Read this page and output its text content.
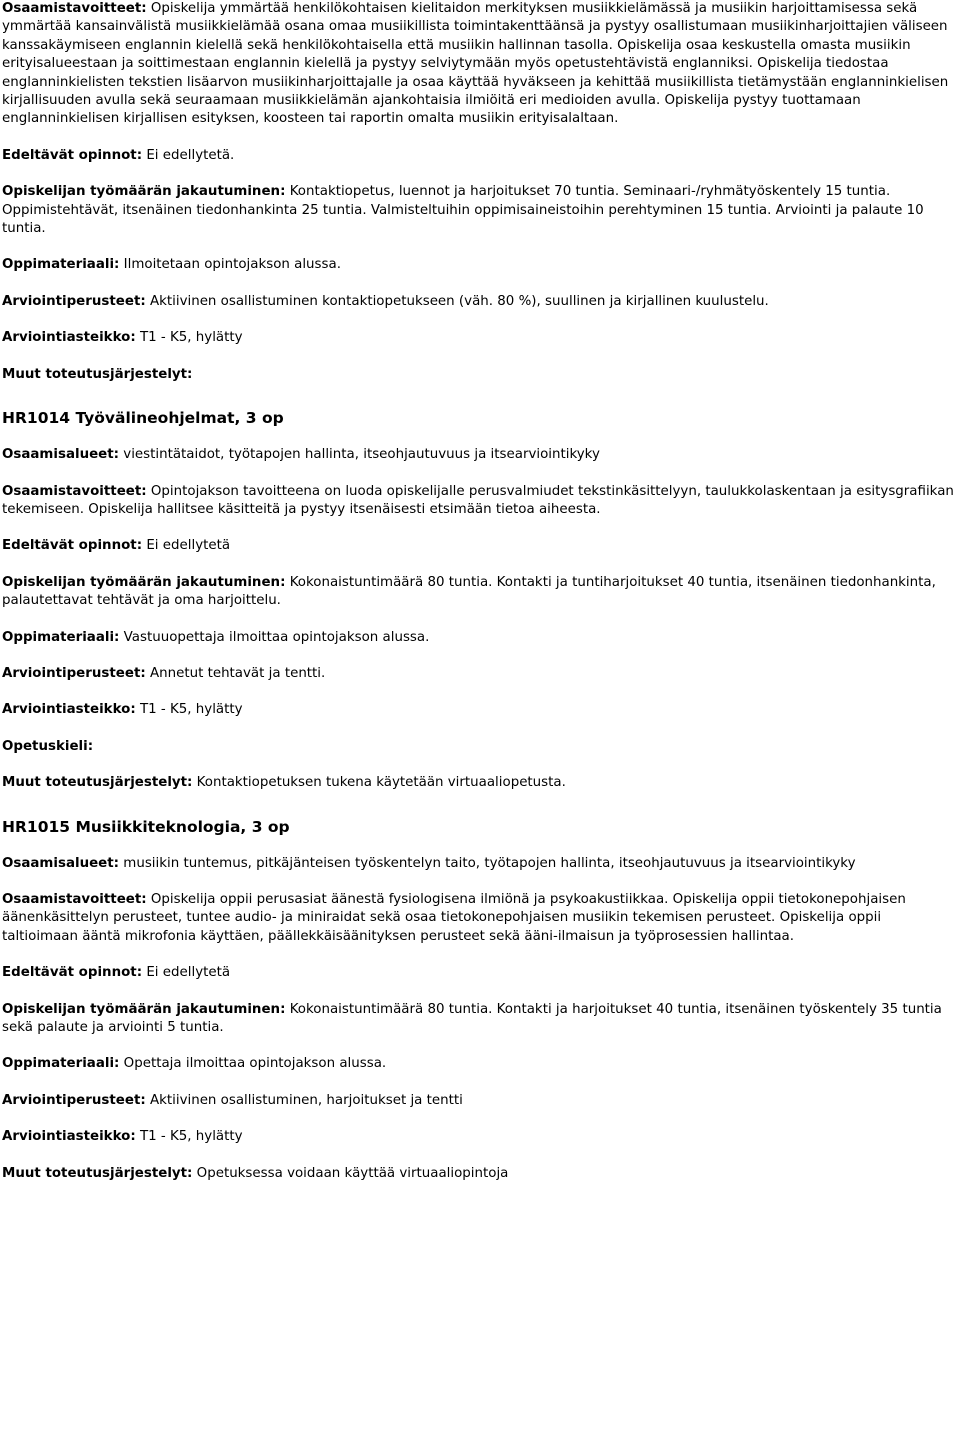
Osaamistavoitteet: Opiskelija ymmärtää henkilökohtaisen kielitaidon merkityksen musiikkielämässä ja musiikin harjoittamisessa sekä ymmärtää kansainvälistä musiikkielämää osana omaa musiikillista toimintakenttäänsä ja pystyy osallistumaan musiikinharjoittajien väliseen kanssakäymiseen englannin kielellä sekä henkilökohtaisella että musiikin hallinnan tasolla. Opiskelija osaa keskustella omasta musiikin erityisalueestaan ja soittimestaan englannin kielellä ja pystyy selviytymään myös opetustehtävistä englanniksi. Opiskelija tiedostaa englanninkielisten tekstien lisäarvon musiikinharjoittajalle ja osaa käyttää hyväkseen ja kehittää musiikillista tietämystään englanninkielisen kirjallisuuden avulla sekä seuraamaan musiikkielämän ajankohtaisia ilmiöitä eri medioiden avulla. Opiskelija pystyy tuottamaan englanninkielisen kirjallisen esityksen, koosteen tai raportin omalta musiikin erityisalaltaan.

Edeltävät opinnot: Ei edellytetä.

Opiskelijan työmäärän jakautuminen: Kontaktiopetus, luennot ja harjoitukset 70 tuntia. Seminaari-/ryhmätyöskentely 15 tuntia. Oppimistehtävät, itsenäinen tiedonhankinta 25 tuntia. Valmisteltuihin oppimisaineistoihin perehtyminen 15 tuntia. Arviointi ja palaute 10 tuntia.

Oppimateriaali: Ilmoitetaan opintojakson alussa.

Arviointiperusteet: Aktiivinen osallistuminen kontaktiopetukseen (väh. 80 %), suullinen ja kirjallinen kuulustelu.

Arviointiasteikko: T1 - K5, hylätty

Muut toteutusjärjestelyt:

HR1014 Työvälineohjelmat, 3 op

Osaamisalueet: viestintätaidot, työtapojen hallinta, itseohjautuvuus ja itsearviointikyky

Osaamistavoitteet: Opintojakson tavoitteena on luoda opiskelijalle perusvalmiudet tekstinkäsittelyyn, taulukkolaskentaan ja esitysgrafiikan tekemiseen. Opiskelija hallitsee käsitteitä ja pystyy itsenäisesti etsimään tietoa aiheesta.

Edeltävät opinnot: Ei edellytetä

Opiskelijan työmäärän jakautuminen: Kokonaistuntimäärä 80 tuntia. Kontakti ja tuntiharjoitukset 40 tuntia, itsenäinen tiedonhankinta, palautettavat tehtävät ja oma harjoittelu.

Oppimateriaali: Vastuuopettaja ilmoittaa opintojakson alussa.

Arviointiperusteet: Annetut tehtavät ja tentti.

Arviointiasteikko: T1 - K5, hylätty

Opetuskieli:

Muut toteutusjärjestelyt: Kontaktiopetuksen tukena käytetään virtuaaliopetusta.

HR1015 Musiikkiteknologia, 3 op

Osaamisalueet: musiikin tuntemus, pitkäjänteisen työskentelyn taito, työtapojen hallinta, itseohjautuvuus ja itsearviointikyky

Osaamistavoitteet: Opiskelija oppii perusasiat äänestä fysiologisena ilmiönä ja psykoakustiikkaa. Opiskelija oppii tietokonepohjaisen äänenkäsittelyn perusteet, tuntee audio- ja miniraidat sekä osaa tietokonepohjaisen musiikin tekemisen perusteet. Opiskelija oppii taltioimaan ääntä mikrofonia käyttäen, päällekkäisäänityksen perusteet sekä ääni-ilmaisun ja työprosessien hallintaa.

Edeltävät opinnot: Ei edellytetä

Opiskelijan työmäärän jakautuminen: Kokonaistuntimäärä 80 tuntia. Kontakti ja harjoitukset 40 tuntia, itsenäinen työskentely 35 tuntia sekä palaute ja arviointi 5 tuntia.

Oppimateriaali: Opettaja ilmoittaa opintojakson alussa.

Arviointiperusteet: Aktiivinen osallistuminen, harjoitukset ja tentti

Arviointiasteikko: T1 - K5, hylätty

Muut toteutusjärjestelyt: Opetuksessa voidaan käyttää virtuaaliopintoja
